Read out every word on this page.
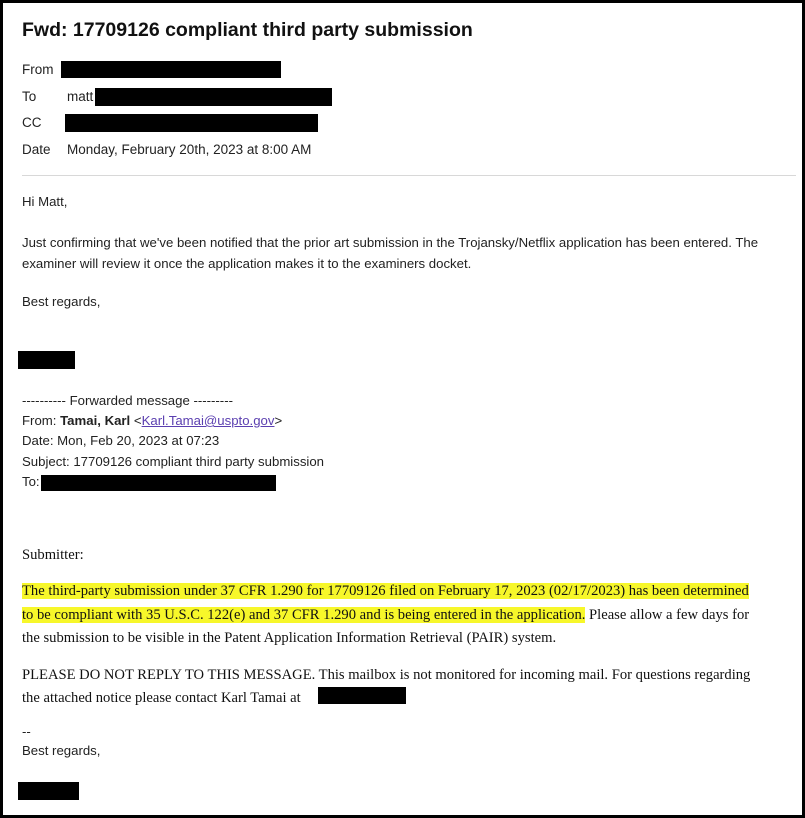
Fwd: 17709126 compliant third party submission
From
To matt
CC
Date Monday, February 20th, 2023 at 8:00 AM
Hi Matt,
Just confirming that we've been notified that the prior art submission in the Trojansky/Netflix application has been entered. The examiner will review it once the application makes it to the examiners docket.
Best regards,
---------- Forwarded message ---------
From: Tamai, Karl <Karl.Tamai@uspto.gov>
Date: Mon, Feb 20, 2023 at 07:23
Subject: 17709126 compliant third party submission
To:
Submitter:
The third-party submission under 37 CFR 1.290 for 17709126 filed on February 17, 2023 (02/17/2023) has been determined
to be compliant with 35 U.S.C. 122(e) and 37 CFR 1.290 and is being entered in the application. Please allow a few days for
the submission to be visible in the Patent Application Information Retrieval (PAIR) system.
PLEASE DO NOT REPLY TO THIS MESSAGE. This mailbox is not monitored for incoming mail. For questions regarding
the attached notice please contact Karl Tamai at
--
Best regards,
